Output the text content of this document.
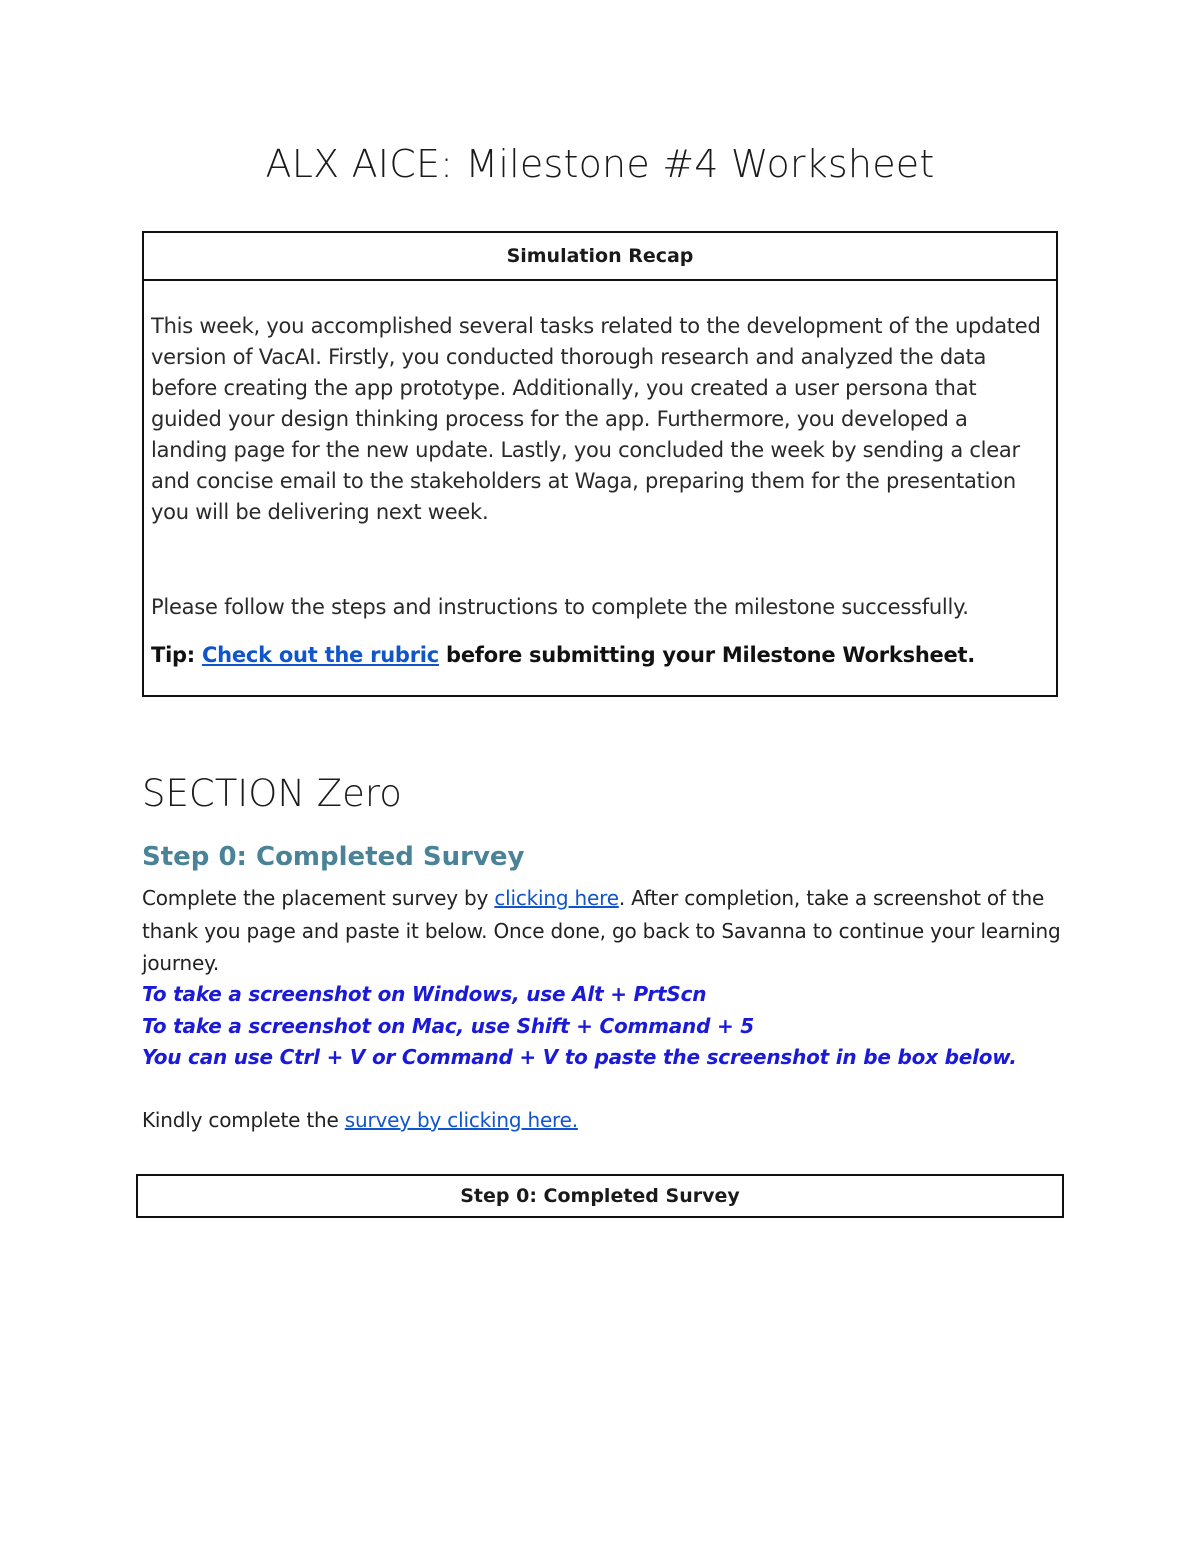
ALX AICE: Milestone #4 Worksheet
Simulation Recap

This week, you accomplished several tasks related to the development of the updated version of VacAI. Firstly, you conducted thorough research and analyzed the data before creating the app prototype. Additionally, you created a user persona that guided your design thinking process for the app. Furthermore, you developed a landing page for the new update. Lastly, you concluded the week by sending a clear and concise email to the stakeholders at Waga, preparing them for the presentation you will be delivering next week.

Please follow the steps and instructions to complete the milestone successfully.

Tip: Check out the rubric before submitting your Milestone Worksheet.

SECTION Zero
Step 0: Completed Survey

Complete the placement survey by clicking here. After completion, take a screenshot of the thank you page and paste it below. Once done, go back to Savanna to continue your learning journey.

To take a screenshot on Windows, use Alt + PrtScn

To take a screenshot on Mac, use Shift + Command + 5

You can use Ctrl + V or Command + V to paste the screenshot in be box below.

Kindly complete the survey by clicking here.

Step 0: Completed Survey
